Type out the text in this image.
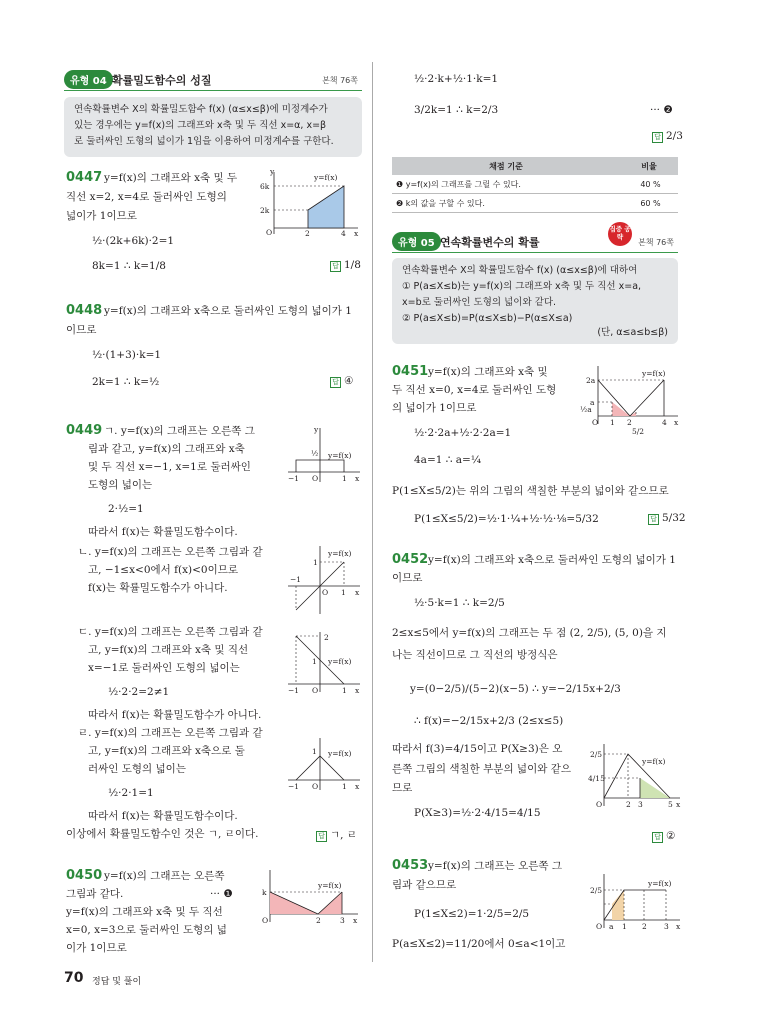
유형 04 확률밀도함수의 성질	본책 76쪽
연속확률변수 X의 확률밀도함수 f(x) (α≤x≤β)에 미정계수가
있는 경우에는 y=f(x)의 그래프와 x축 및 두 직선 x=α, x=β
로 둘러싸인 도형의 넓이가 1임을 이용하여 미정계수를 구한다.
0447 y=f(x)의 그래프와 x축 및 두
직선 x=2, x=4로 둘러싸인 도형의
넓이가 1이므로
½·(2k+6k)·2=1
8k=1 ∴ k=1/8	답 1/8
y=f(x)
6k
2k
O	2	4 x
y
0448 y=f(x)의 그래프와 x축으로 둘러싸인 도형의 넓이가 1
이므로
½·(1+3)·k=1
2k=1 ∴ k=½	답 ④
0449 ㄱ. y=f(x)의 그래프는 오른쪽 그
림과 같고, y=f(x)의 그래프와 x축
및 두 직선 x=−1, x=1로 둘러싸인
도형의 넓이는
2·½=1
따라서 f(x)는 확률밀도함수이다.
y=f(x)
½
−1 O	1 x
y
ㄴ. y=f(x)의 그래프는 오른쪽 그림과 같
고, −1≤x<0에서 f(x)<0이므로
f(x)는 확률밀도함수가 아니다.
y=f(x)
1
−1
O 1 x
ㄷ. y=f(x)의 그래프는 오른쪽 그림과 같
고, y=f(x)의 그래프와 x축 및 직선
x=−1로 둘러싸인 도형의 넓이는
½·2·2=2≠1
따라서 f(x)는 확률밀도함수가 아니다.
2
y=f(x)
1
−1 O	1 x
ㄹ. y=f(x)의 그래프는 오른쪽 그림과 같
고, y=f(x)의 그래프와 x축으로 둘
러싸인 도형의 넓이는
½·2·1=1
따라서 f(x)는 확률밀도함수이다.
이상에서 확률밀도함수인 것은 ㄱ, ㄹ이다.	답 ㄱ, ㄹ
y=f(x)
1
−1 O	1 x
0450 y=f(x)의 그래프는 오른쪽
그림과 같다.	··· ❶
y=f(x)의 그래프와 x축 및 두 직선
x=0, x=3으로 둘러싸인 도형의 넓
이가 1이므로
y=f(x)
k
O	2	3 x
½·2·k+½·1·k=1
3/2k=1 ∴ k=2/3	··· ❷
답 2/3
채점 기준	비율
❶ y=f(x)의 그래프를 그릴 수 있다.	40 %
❷ k의 값을 구할 수 있다.	60 %
유형 05 연속확률변수의 확률
집중 공략
본책 76쪽
연속확률변수 X의 확률밀도함수 f(x) (α≤x≤β)에 대하여
① P(a≤X≤b)는 y=f(x)의 그래프와 x축 및 두 직선 x=a,
x=b로 둘러싸인 도형의 넓이와 같다.
② P(a≤X≤b)=P(α≤X≤b)−P(α≤X≤a)
(단, α≤a≤b≤β)
0451 y=f(x)의 그래프와 x축 및
두 직선 x=0, x=4로 둘러싸인 도형
의 넓이가 1이므로
½·2·2a+½·2·2a=1
4a=1 ∴ a=¼
P(1≤X≤5/2)는 위의 그림의 색칠한 부분의 넓이와 같으므로
P(1≤X≤5/2)=½·1·¼+½·½·⅛=5/32	답 5/32
y=f(x)
2a
a
½a
O 1 2
5/2
4 x
0452 y=f(x)의 그래프와 x축으로 둘러싸인 도형의 넓이가 1
이므로
½·5·k=1 ∴ k=2/5
2≤x≤5에서 y=f(x)의 그래프는 두 점 (2, 2/5), (5, 0)을 지
나는 직선이므로 그 직선의 방정식은
y=(0−2/5)/(5−2)(x−5) ∴ y=−2/15x+2/3
∴ f(x)=−2/15x+2/3 (2≤x≤5)
따라서 f(3)=4/15이고 P(X≥3)은 오
른쪽 그림의 색칠한 부분의 넓이와 같으
므로
P(X≥3)=½·2·4/15=4/15
답 ②
y=f(x)
2/5
4/15
O	2 3	5 x
0453 y=f(x)의 그래프는 오른쪽 그
림과 같으므로
P(1≤X≤2)=1·2/5=2/5
P(a≤X≤2)=11/20에서 0≤a<1이고
y=f(x)
2/5
O a 1 2 3 x
70 정답 및 풀이
